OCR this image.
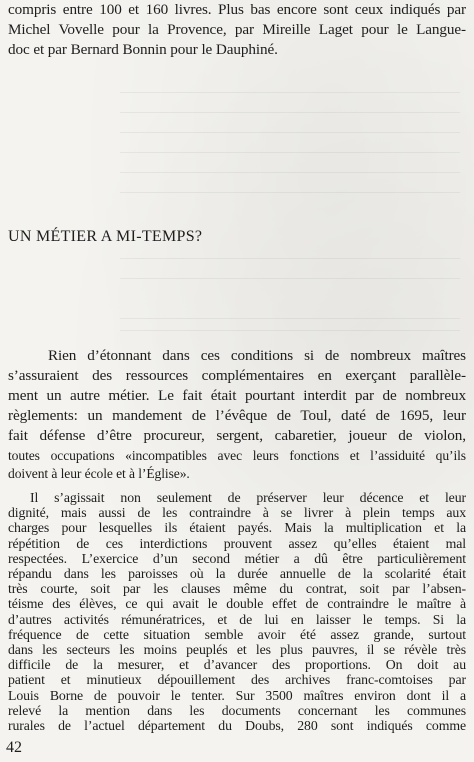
compris entre 100 et 160 livres. Plus bas encore sont ceux indiqués par
Michel Vovelle pour la Provence, par Mireille Laget pour le Langue-
doc et par Bernard Bonnin pour le Dauphiné.
UN MÉTIER A MI-TEMPS?
Rien d’étonnant dans ces conditions si de nombreux maîtres
s’assuraient des ressources complémentaires en exerçant parallèle-
ment un autre métier. Le fait était pourtant interdit par de nombreux
règlements: un mandement de l’évêque de Toul, daté de 1695, leur
fait défense d’être procureur, sergent, cabaretier, joueur de violon,
toutes occupations «incompatibles avec leurs fonctions et l’assiduité qu’ils
doivent à leur école et à l’Église».
Il s’agissait non seulement de préserver leur décence et leur
dignité, mais aussi de les contraindre à se livrer à plein temps aux
charges pour lesquelles ils étaient payés. Mais la multiplication et la
répétition de ces interdictions prouvent assez qu’elles étaient mal
respectées. L’exercice d’un second métier a dû être particulièrement
répandu dans les paroisses où la durée annuelle de la scolarité était
très courte, soit par les clauses même du contrat, soit par l’absen-
téisme des élèves, ce qui avait le double effet de contraindre le maître à
d’autres activités rémunératrices, et de lui en laisser le temps. Si la
fréquence de cette situation semble avoir été assez grande, surtout
dans les secteurs les moins peuplés et les plus pauvres, il se révèle très
difficile de la mesurer, et d’avancer des proportions. On doit au
patient et minutieux dépouillement des archives franc-comtoises par
Louis Borne de pouvoir le tenter. Sur 3500 maîtres environ dont il a
relevé la mention dans les documents concernant les communes
rurales de l’actuel département du Doubs, 280 sont indiqués comme
42
